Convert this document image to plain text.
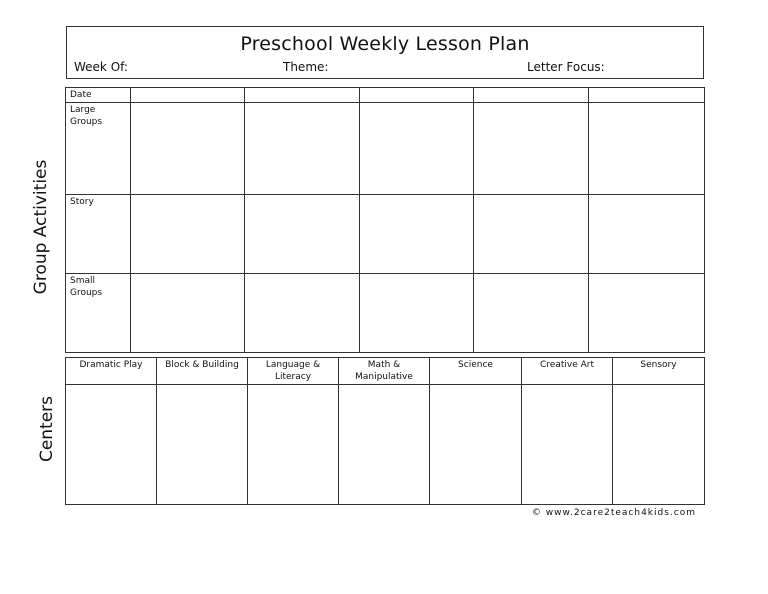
Preschool Weekly Lesson Plan
Week Of:	Theme:	Letter Focus:
Group Activities
Centers
Date					
Large Groups					
Story					
Small Groups					
Dramatic Play	Block & Building	Language & Literacy	Math & Manipulative	Science	Creative Art	Sensory

© www.2care2teach4kids.com
